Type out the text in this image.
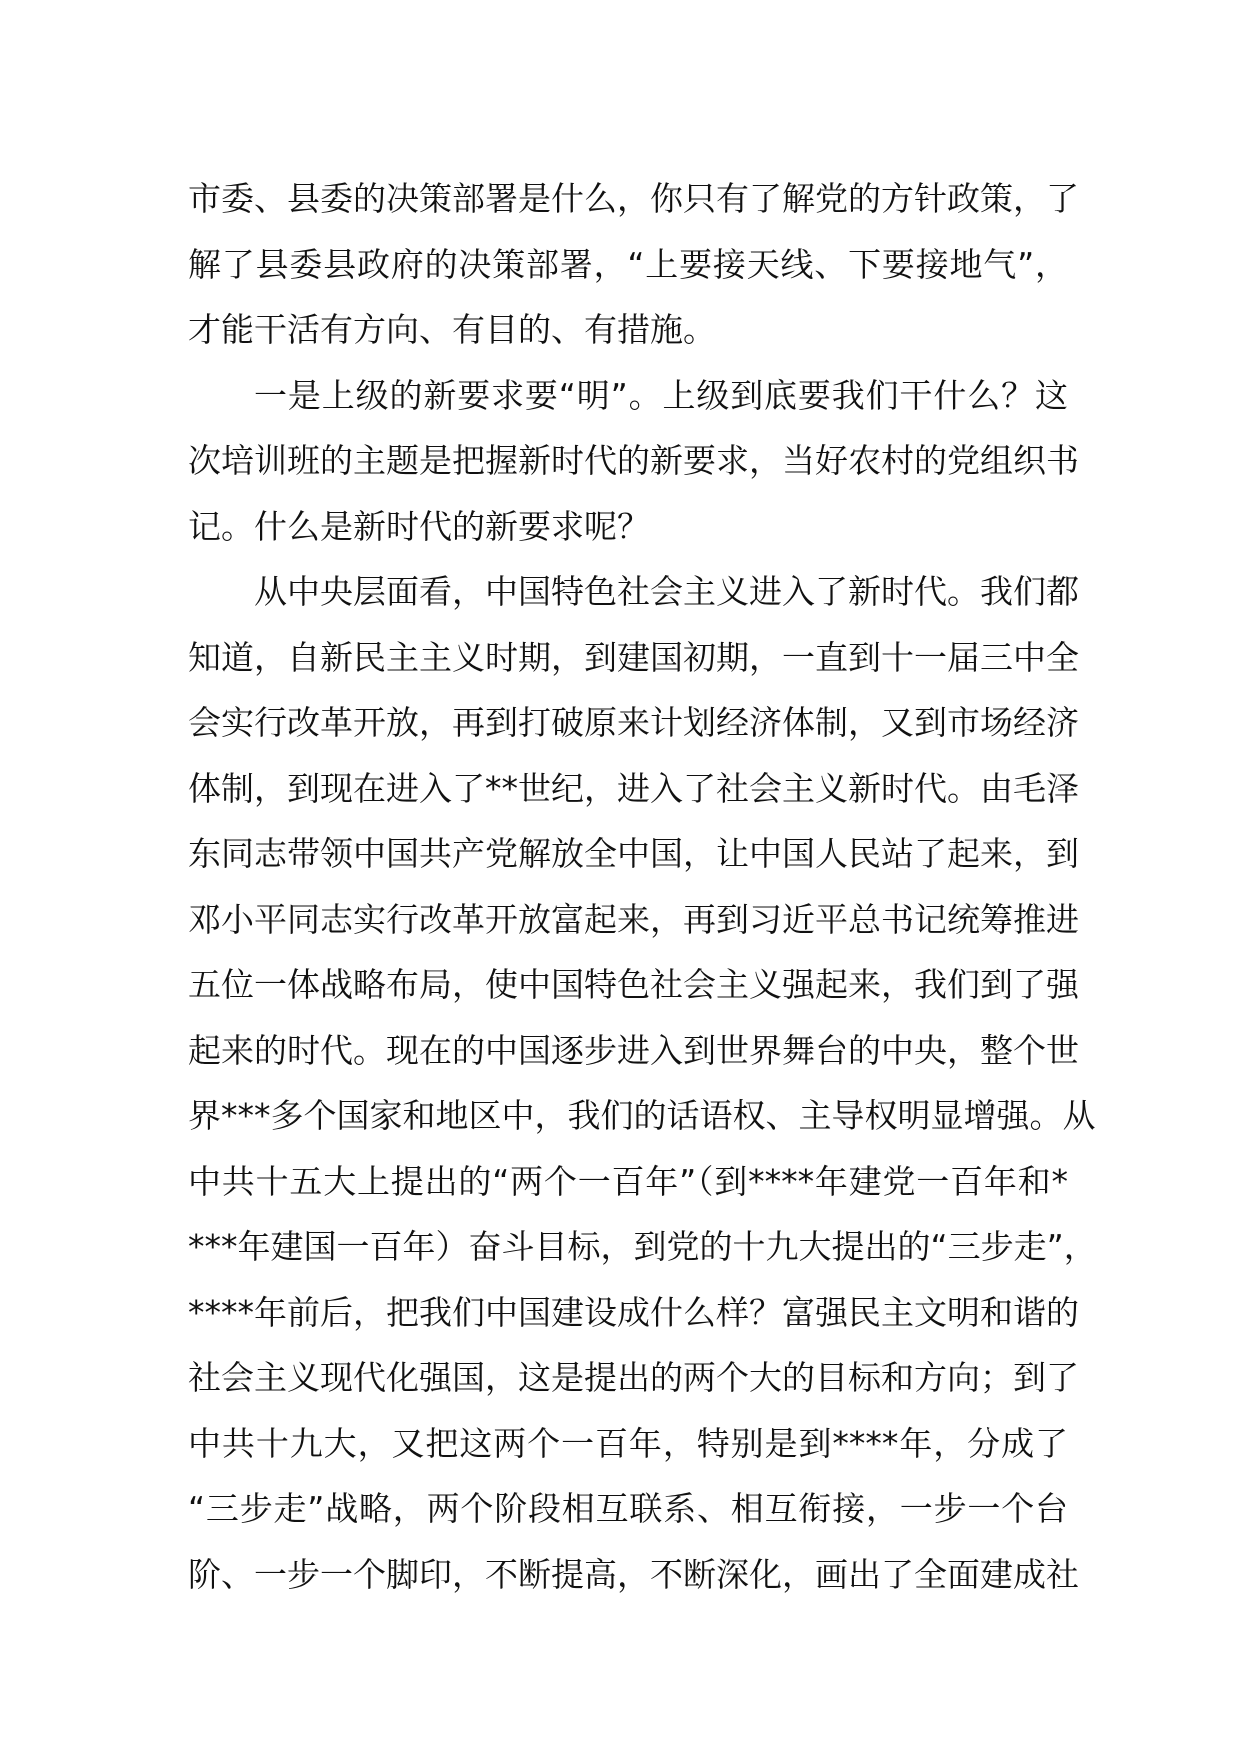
市委、县委的决策部署是什么，你只有了解党的方针政策，了
解了县委县政府的决策部署，“上要接天线、下要接地气”，
才能干活有方向、有目的、有措施。
一是上级的新要求要“明”。上级到底要我们干什么？这
次培训班的主题是把握新时代的新要求，当好农村的党组织书
记。什么是新时代的新要求呢？
从中央层面看，中国特色社会主义进入了新时代。我们都
知道，自新民主主义时期，到建国初期，一直到十一届三中全
会实行改革开放，再到打破原来计划经济体制，又到市场经济
体制，到现在进入了**世纪，进入了社会主义新时代。由毛泽
东同志带领中国共产党解放全中国，让中国人民站了起来，到
邓小平同志实行改革开放富起来，再到习近平总书记统筹推进
五位一体战略布局，使中国特色社会主义强起来，我们到了强
起来的时代。现在的中国逐步进入到世界舞台的中央，整个世
界***多个国家和地区中，我们的话语权、主导权明显增强。从
中共十五大上提出的“两个一百年”（到****年建党一百年和*
***年建国一百年）奋斗目标，到党的十九大提出的“三步走”，
****年前后，把我们中国建设成什么样？富强民主文明和谐的
社会主义现代化强国，这是提出的两个大的目标和方向；到了
中共十九大，又把这两个一百年，特别是到****年，分成了
“三步走”战略，两个阶段相互联系、相互衔接，一步一个台
阶、一步一个脚印，不断提高，不断深化，画出了全面建成社
